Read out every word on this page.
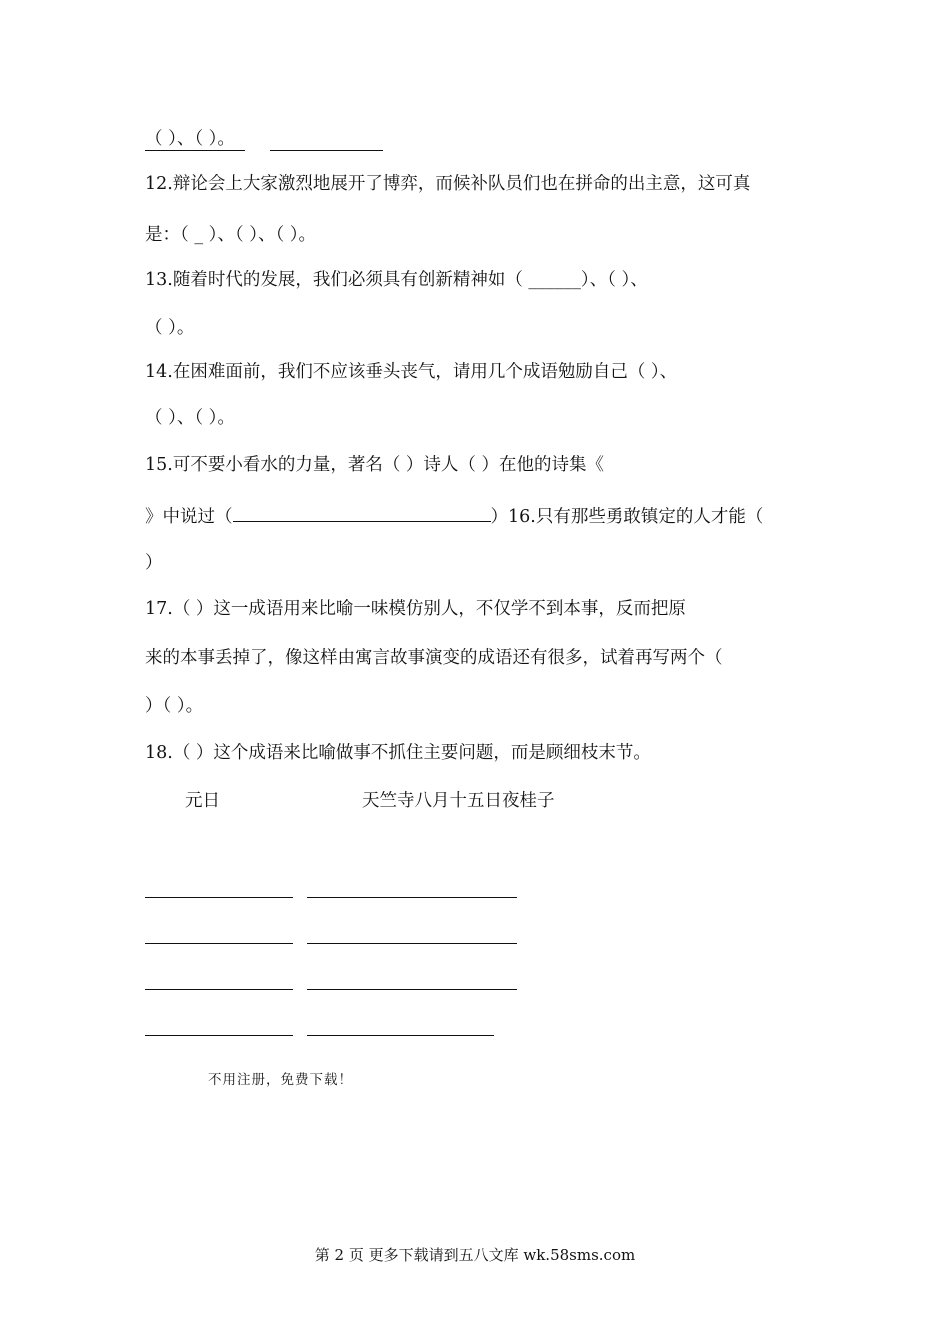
（ ）、（ ）。
12.辩论会上大家激烈地展开了博弈，而候补队员们也在拼命的出主意，这可真
是：（ _ ）、（ ）、（ ）。
13.随着时代的发展，我们必须具有创新精神如（ ______）、（ ）、
（ ）。
14.在困难面前，我们不应该垂头丧气，请用几个成语勉励自己（ ）、
（ ）、（ ）。
15.可不要小看水的力量，著名（ ）诗人（ ）在他的诗集《
》中说过（	）16.只有那些勇敢镇定的人才能（
）
17.（ ）这一成语用来比喻一味模仿别人，不仅学不到本事，反而把原
来的本事丢掉了，像这样由寓言故事演变的成语还有很多，试着再写两个（
）（ ）。
18.（ ）这个成语来比喻做事不抓住主要问题，而是顾细枝末节。
元日	天竺寺八月十五日夜桂子
不用注册，免费下载！
第 2 页 更多下载请到五八文库 wk.58sms.com
